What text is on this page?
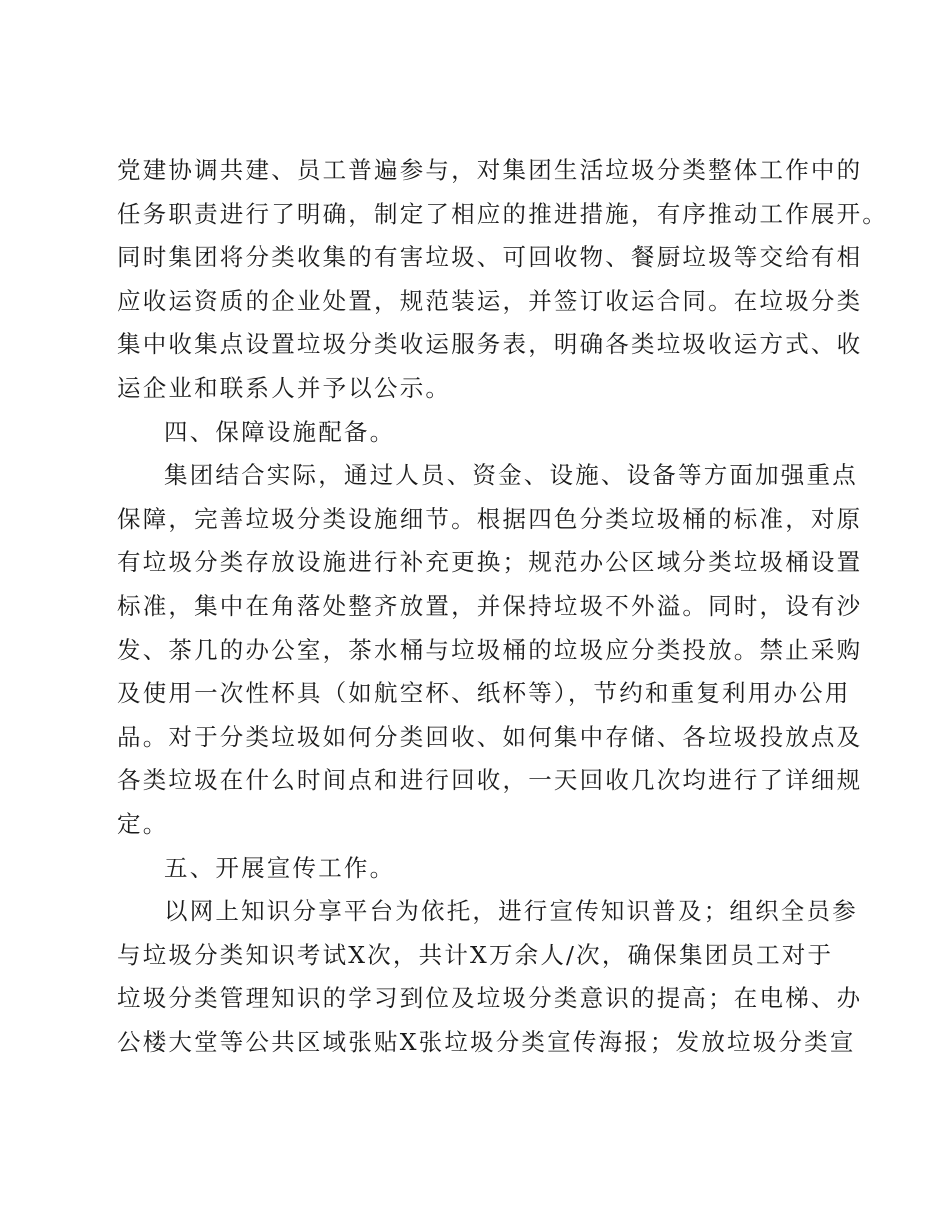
党建协调共建、员工普遍参与，对集团生活垃圾分类整体工作中的
任务职责进行了明确，制定了相应的推进措施，有序推动工作展开。
同时集团将分类收集的有害垃圾、可回收物、餐厨垃圾等交给有相
应收运资质的企业处置，规范装运，并签订收运合同。在垃圾分类
集中收集点设置垃圾分类收运服务表，明确各类垃圾收运方式、收
运企业和联系人并予以公示。
四、保障设施配备。
集团结合实际，通过人员、资金、设施、设备等方面加强重点
保障，完善垃圾分类设施细节。根据四色分类垃圾桶的标准，对原
有垃圾分类存放设施进行补充更换；规范办公区域分类垃圾桶设置
标准，集中在角落处整齐放置，并保持垃圾不外溢。同时，设有沙
发、茶几的办公室，茶水桶与垃圾桶的垃圾应分类投放。禁止采购
及使用一次性杯具（如航空杯、纸杯等），节约和重复利用办公用
品。对于分类垃圾如何分类回收、如何集中存储、各垃圾投放点及
各类垃圾在什么时间点和进行回收，一天回收几次均进行了详细规
定。
五、开展宣传工作。
以网上知识分享平台为依托，进行宣传知识普及；组织全员参
与垃圾分类知识考试X次，共计X万余人/次，确保集团员工对于
垃圾分类管理知识的学习到位及垃圾分类意识的提高；在电梯、办
公楼大堂等公共区域张贴X张垃圾分类宣传海报；发放垃圾分类宣
